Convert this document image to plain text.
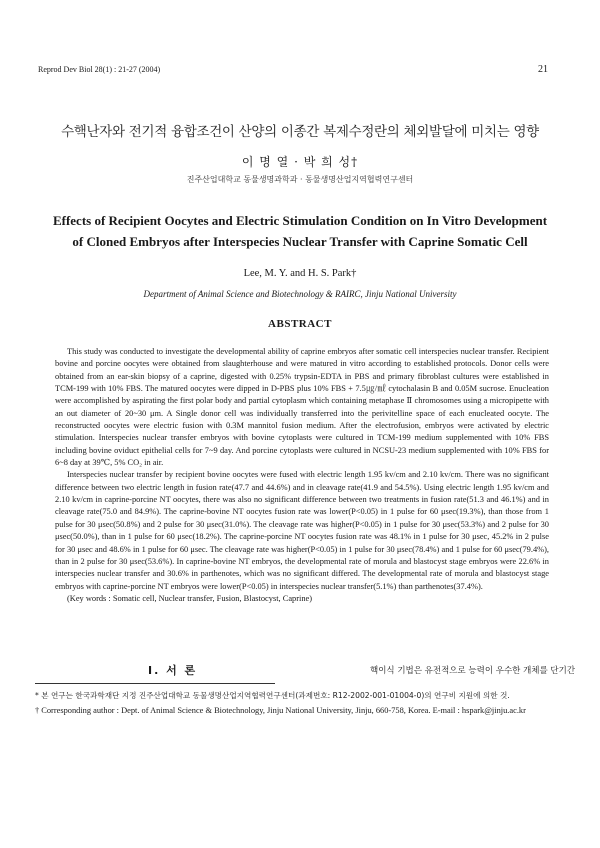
Reprod Dev Biol 28(1) : 21-27 (2004)	21
수핵난자와 전기적 융합조건이 산양의 이종간 복제수정란의 체외발달에 미치는 영향
이 명 열 · 박 희 성†
진주산업대학교 동물생명과학과 · 동물생명산업지역협력연구센터
Effects of Recipient Oocytes and Electric Stimulation Condition on In Vitro Development
of Cloned Embryos after Interspecies Nuclear Transfer with Caprine Somatic Cell
Lee, M. Y. and H. S. Park†
Department of Animal Science and Biotechnology & RAIRC, Jinju National University
ABSTRACT

This study was conducted to investigate the developmental ability of caprine embryos after somatic cell interspecies nuclear transfer. Recipient bovine and porcine oocytes were obtained from slaughterhouse and were matured in vitro according to established protocols. Donor cells were obtained from an ear-skin biopsy of a caprine, digested with 0.25% trypsin-EDTA in PBS and primary fibroblast cultures were established in TCM-199 with 10% FBS. The matured oocytes were dipped in D-PBS plus 10% FBS + 7.5㎍/㎖ cytochalasin B and 0.05M sucrose. Enucleation were accomplished by aspirating the first polar body and partial cytoplasm which containing metaphase Ⅱ chromosomes using a micropipette with an out diameter of 20~30 μm. A Single donor cell was individually transferred into the perivitelline space of each enucleated oocyte. The reconstructed oocytes were electric fusion with 0.3M mannitol fusion medium. After the electrofusion, embryos were activated by electric stimulation. Interspecies nuclear transfer embryos with bovine cytoplasts were cultured in TCM-199 medium supplemented with 10% FBS including bovine oviduct epithelial cells for 7~9 day. And porcine cytoplasts were cultured in NCSU-23 medium supplemented with 10% FBS for 6~8 day at 39℃, 5% CO₂ in air.

Interspecies nuclear transfer by recipient bovine oocytes were fused with electric length 1.95 kv/cm and 2.10 kv/cm. There was no significant difference between two electric length in fusion rate(47.7 and 44.6%) and in cleavage rate(41.9 and 54.5%). Using electric length 1.95 kv/cm and 2.10 kv/cm in caprine-porcine NT oocytes, there was also no significant difference between two treatments in fusion rate(51.3 and 46.1%) and in cleavage rate(75.0 and 84.9%). The caprine-bovine NT oocytes fusion rate was lower(P<0.05) in 1 pulse for 60 μsec(19.3%), than those from 1 pulse for 30 μsec(50.8%) and 2 pulse for 30 μsec(31.0%). The cleavage rate was higher(P<0.05) in 1 pulse for 30 μsec(53.3%) and 2 pulse for 30 μsec(50.0%), than in 1 pulse for 60 μsec(18.2%). The caprine-porcine NT oocytes fusion rate was 48.1% in 1 pulse for 30 μsec, 45.2% in 2 pulse for 30 μsec and 48.6% in 1 pulse for 60 μsec. The cleavage rate was higher(P<0.05) in 1 pulse for 30 μsec(78.4%) and 1 pulse for 60 μsec(79.4%), than in 2 pulse for 30 μsec(53.6%). In caprine-bovine NT embryos, the developmental rate of morula and blastocyst stage embryos were 22.6% in interspecies nuclear transfer and 30.6% in parthenotes, which was no significant differed. The developmental rate of morula and blastocyst stage embryos with caprine-porcine NT embryos were lower(P<0.05) in interspecies nuclear transfer(5.1%) than parthenotes(37.4%).

(Key words : Somatic cell, Nuclear transfer, Fusion, Blastocyst, Caprine)

Ⅰ. 서 론	핵이식 기법은 유전적으로 능력이 우수한 개체를 단기간

* 본 연구는 한국과학재단 지정 진주산업대학교 동물생명산업지역협력연구센터(과제번호: R12-2002-001-01004-0)의 연구비 지원에 의한 것.

† Corresponding author : Dept. of Animal Science & Biotechnology, Jinju National University, Jinju, 660-758, Korea. E-mail : hspark@jinju.ac.kr
